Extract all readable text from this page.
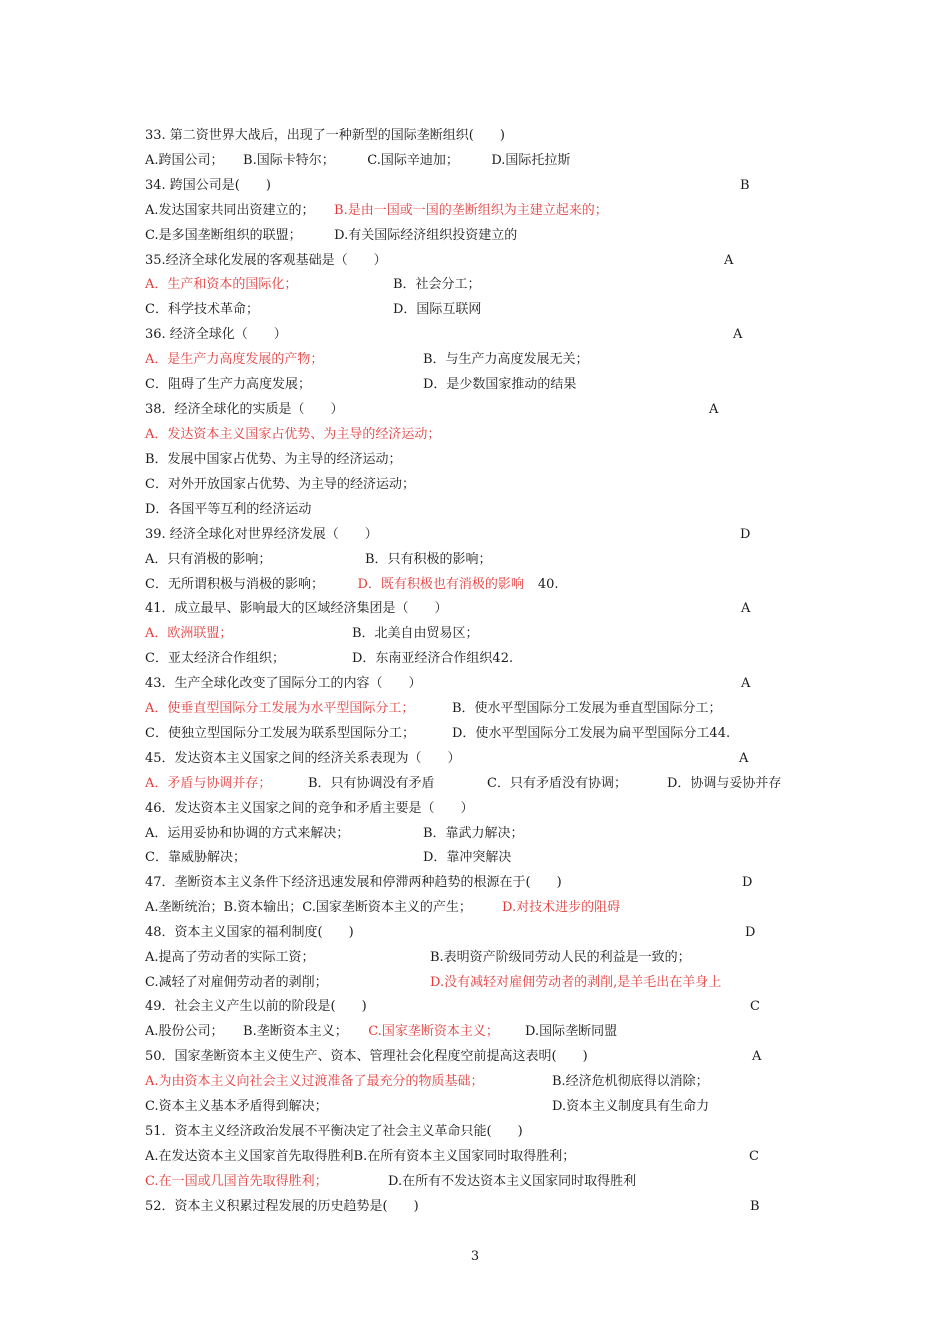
33. 第二资世界大战后，出现了一种新型的国际垄断组织(　　)
A.跨国公司；　　B.国际卡特尔；　　　C.国际辛迪加；　　　D.国际托拉斯
34. 跨国公司是(　　)	B
A.发达国家共同出资建立的；　　 B.是由一国或一国的垄断组织为主建立起来的；
C.是多国垄断组织的联盟；　　　D.有关国际经济组织投资建立的
35.经济全球化发展的客观基础是（　　）	A
A．生产和资本的国际化；	B．社会分工；
C．科学技术革命；	D．国际互联网
36. 经济全球化（　　）	A
A．是生产力高度发展的产物；	B．与生产力高度发展无关；
C．阻碍了生产力高度发展；	D．是少数国家推动的结果
38．经济全球化的实质是（　　）	A
A．发达资本主义国家占优势、为主导的经济运动；
B．发展中国家占优势、为主导的经济运动；
C．对外开放国家占优势、为主导的经济运动；
D．各国平等互利的经济运动
39. 经济全球化对世界经济发展（　　）	D
A．只有消极的影响；	B．只有积极的影响；
C．无所谓积极与消极的影响；　　 D．既有积极也有消极的影响 40.
41．成立最早、影响最大的区域经济集团是（　　）	A
A．欧洲联盟；	B．北美自由贸易区；
C．亚太经济合作组织；	D．东南亚经济合作组织42.
43．生产全球化改变了国际分工的内容（　　）	A
A．使垂直型国际分工发展为水平型国际分工；	B．使水平型国际分工发展为垂直型国际分工；
C．使独立型国际分工发展为联系型国际分工；	D．使水平型国际分工发展为扁平型国际分工44.
45．发达资本主义国家之间的经济关系表现为（　　）	A
A．矛盾与协调并存；	B．只有协调没有矛盾	C．只有矛盾没有协调；	D．协调与妥协并存
46．发达资本主义国家之间的竞争和矛盾主要是（　　）
A．运用妥协和协调的方式来解决；	B．靠武力解决；
C．靠威胁解决；	D．靠冲突解决
47．垄断资本主义条件下经济迅速发展和停滞两种趋势的根源在于(　　)	D
A.垄断统治；B.资本输出；C.国家垄断资本主义的产生； D.对技术进步的阻碍
48．资本主义国家的福利制度(　　)	D
A.提高了劳动者的实际工资；	B.表明资产阶级同劳动人民的利益是一致的；
C.减轻了对雇佣劳动者的剥削；	D.没有减轻对雇佣劳动者的剥削,是羊毛出在羊身上
49．社会主义产生以前的阶段是(　　)	C
A.股份公司；　　B.垄断资本主义；　 C.国家垄断资本主义； D.国际垄断同盟
50．国家垄断资本主义使生产、资本、管理社会化程度空前提高这表明(　　)	A
A.为由资本主义向社会主义过渡准备了最充分的物质基础；	B.经济危机彻底得以消除；
C.资本主义基本矛盾得到解决；	D.资本主义制度具有生命力
51．资本主义经济政治发展不平衡决定了社会主义革命只能(　　)
A.在发达资本主义国家首先取得胜利B.在所有资本主义国家同时取得胜利；	C
C.在一国或几国首先取得胜利；	D.在所有不发达资本主义国家同时取得胜利
52．资本主义积累过程发展的历史趋势是(　　)	B
3
